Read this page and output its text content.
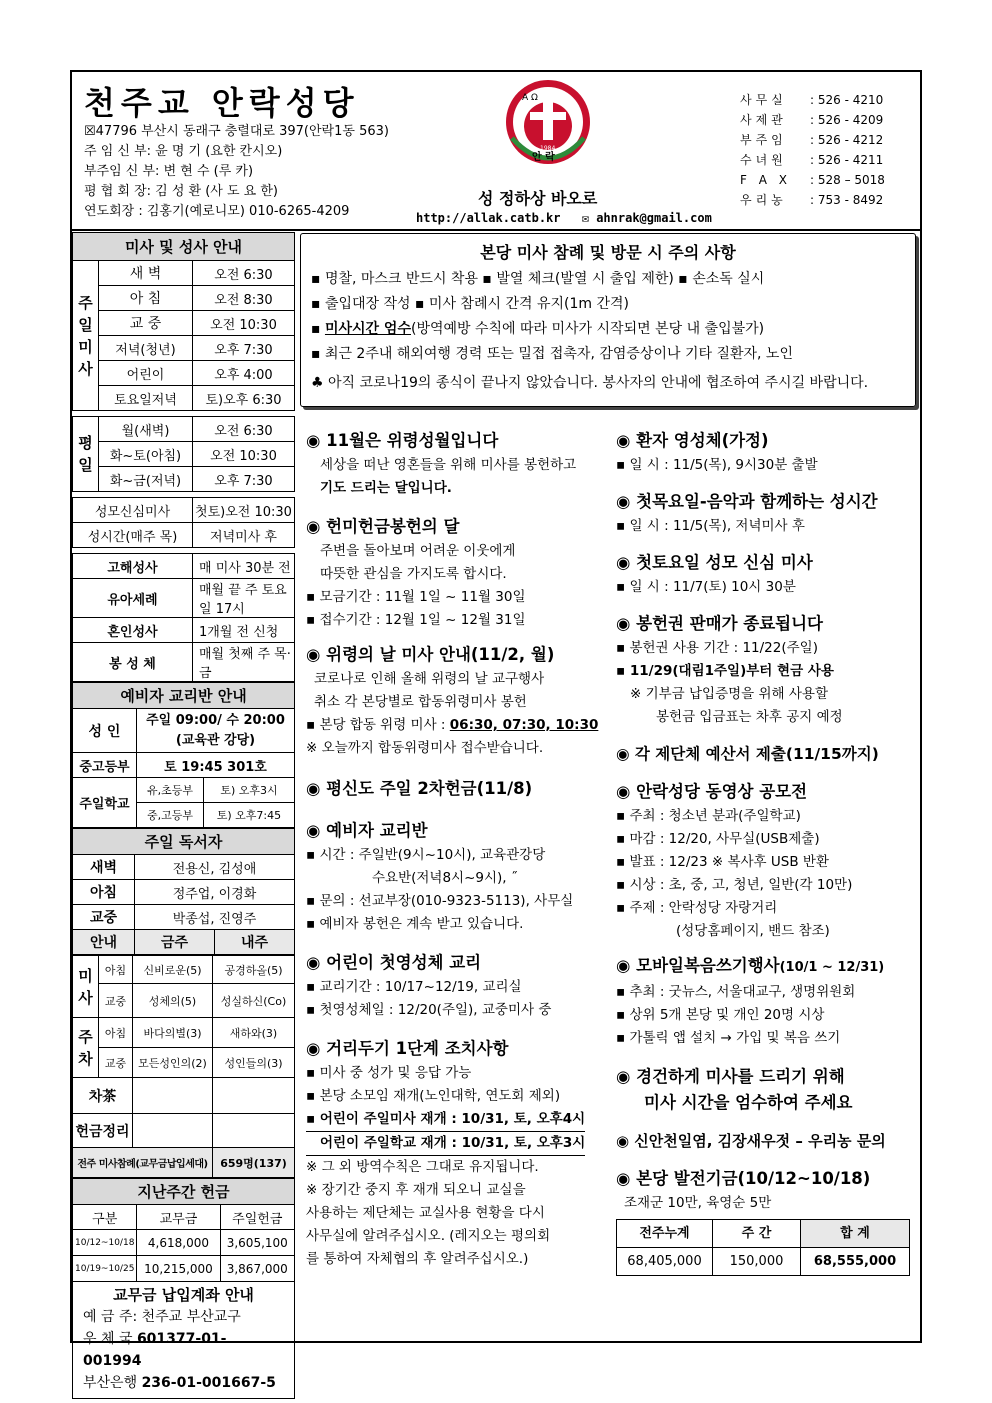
천주교 안락성당
☒47796 부산시 동래구 충렬대로 397(안락1동 563)
주 임 신 부: 윤 명 기 (요한 칸시오)
부주임 신 부: 변 현 수 (루 카)
평 협 회 장: 김 성 환 (사 도 요 한)
연도회장 : 김홍기(예로니모) 010-6265-4209
A Ω
안 락
1984
성 정하상 바오로
http://allak.catb.kr ✉ ahnrak@gmail.com
사무실	: 526 - 4210
사제관	: 526 - 4209
부주임	: 526 - 4212
수녀원	: 526 - 4211
F A X	: 528 – 5018
우리농	: 753 - 8492
미사 및 성사 안내		
주
일
미
사	새 벽	오전 6:30
	아 침	오전 8:30
	교 중	오전 10:30
	저녁(청년)	오후 7:30
	어린이	오후 4:00
	토요일저녁	토)오후 6:30

평
일	월(새벽)	오전 6:30
	화~토(아침)	오전 10:30
	화~금(저녁)	오후 7:30

성모신심미사		첫토)오전 10:30
성시간(매주 목)		저녁미사 후

고해성사		매 미사 30분 전
유아세례		매월 끝 주 토요일 17시
혼인성사		1개월 전 신청
봉 성 체		매월 첫째 주 목·금
예비자 교리반 안내		
성 인	주일 09:00/ 수 20:00
(교육관 강당)	

중고등부	토 19:45 301호	
주일학교	유,초등부	토) 오후3시
	중,고등부	토) 오후7:45
주일 독서자		
새벽	전용신, 김성애	
아침	정주업, 이경화	
교중	박종섭, 진영주	
안내	금주	내주
미
사	아침	신비로운(5)	공경하올(5)
	교중	성체의(5)	성실하신(Co)
주
차	아침	바다의별(3)	새하와(3)
	교중	모든성인의(2)	성인들의(3)
차茶			
헌금정리			
전주 미사참례(교무금납입세대)			659명(137)
지난주간 헌금		
구분	교무금	주일헌금
10/12~10/18	4,618,000	3,605,100
10/19~10/25	10,215,000	3,867,000
교무금 납입계좌 안내
예 금 주: 천주교 부산교구
우 체 국 601377-01-001994
부산은행 236-01-001667-5
본당 미사 참례 및 방문 시 주의 사항
▪ 명찰, 마스크 반드시 착용 ▪ 발열 체크(발열 시 출입 제한) ▪ 손소독 실시
▪ 출입대장 작성 ▪ 미사 참례시 간격 유지(1m 간격)
▪ 미사시간 엄수(방역예방 수칙에 따라 미사가 시작되면 본당 내 출입불가)
▪ 최근 2주내 해외여행 경력 또는 밀접 접촉자, 감염증상이나 기타 질환자, 노인
♣ 아직 코로나19의 종식이 끝나지 않았습니다. 봉사자의 안내에 협조하여 주시길 바랍니다.
◉ 11월은 위령성월입니다
세상을 떠난 영혼들을 위해 미사를 봉헌하고
기도 드리는 달입니다.
◉ 헌미헌금봉헌의 달
주변을 돌아보며 어려운 이웃에게
따뜻한 관심을 가지도록 합시다.
▪ 모금기간 : 11월 1일 ~ 11월 30일
▪ 접수기간 : 12월 1일 ~ 12월 31일
◉ 위령의 날 미사 안내(11/2, 월)
코로나로 인해 올해 위령의 날 교구행사
취소 각 본당별로 합동위령미사 봉헌
▪ 본당 합동 위령 미사 : 06:30, 07:30, 10:30
※ 오늘까지 합동위령미사 접수받습니다.
◉ 평신도 주일 2차헌금(11/8)
◉ 예비자 교리반
▪ 시간 : 주일반(9시~10시), 교육관강당
수요반(저녁8시~9시), ˝
▪ 문의 : 선교부장(010-9323-5113), 사무실
▪ 예비자 봉헌은 계속 받고 있습니다.
◉ 어린이 첫영성체 교리
▪ 교리기간 : 10/17~12/19, 교리실
▪ 첫영성체일 : 12/20(주일), 교중미사 중
◉ 거리두기 1단계 조치사항
▪ 미사 중 성가 및 응답 가능
▪ 본당 소모임 재개(노인대학, 연도회 제외)
▪ 어린이 주일미사 재개 : 10/31, 토, 오후4시 어린이 주일학교 재개 : 10/31, 토, 오후3시
※ 그 외 방역수칙은 그대로 유지됩니다.
※ 장기간 중지 후 재개 되오니 교실을
사용하는 제단체는 교실사용 현황을 다시
사무실에 알려주십시오. (레지오는 평의회
를 통하여 자체협의 후 알려주십시오.)
◉ 환자 영성체(가정)
▪ 일 시 : 11/5(목), 9시30분 출발
◉ 첫목요일-음악과 함께하는 성시간
▪ 일 시 : 11/5(목), 저녁미사 후
◉ 첫토요일 성모 신심 미사
▪ 일 시 : 11/7(토) 10시 30분
◉ 봉헌권 판매가 종료됩니다
▪ 봉헌권 사용 기간 : 11/22(주일)
▪ 11/29(대림1주일)부터 현금 사용
※ 기부금 납입증명을 위해 사용할
봉헌금 입금표는 차후 공지 예정
◉ 각 제단체 예산서 제출(11/15까지)
◉ 안락성당 동영상 공모전
▪ 주최 : 청소년 분과(주일학교)
▪ 마감 : 12/20, 사무실(USB제출)
▪ 발표 : 12/23 ※ 복사후 USB 반환
▪ 시상 : 초, 중, 고, 청년, 일반(각 10만)
▪ 주제 : 안락성당 자랑거리
(성당홈페이지, 밴드 참조)
◉ 모바일복음쓰기행사(10/1 ~ 12/31)
▪ 추최 : 굿뉴스, 서울대교구, 생명위원회
▪ 상위 5개 본당 및 개인 20명 시상
▪ 가톨릭 앱 설치 → 가입 및 복음 쓰기
◉ 경건하게 미사를 드리기 위해
미사 시간을 엄수하여 주세요
◉ 신안천일염, 김장새우젓 – 우리농 문의
◉ 본당 발전기금(10/12~10/18)
조재군 10만, 육영순 5만
전주누계	주 간	합 계
68,405,000	150,000	68,555,000
